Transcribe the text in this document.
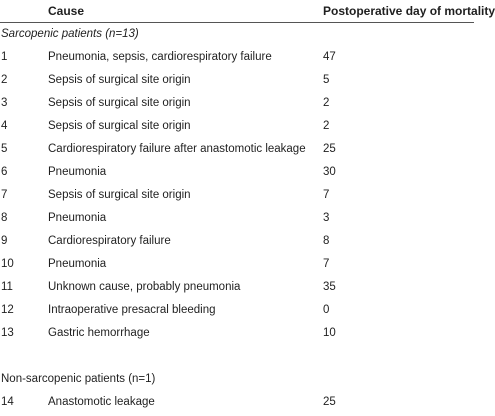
Cause	Postoperative day of mortality
Sarcopenic patients (n=13)
1	Pneumonia, sepsis, cardiorespiratory failure	47
2	Sepsis of surgical site origin	5
3	Sepsis of surgical site origin	2
4	Sepsis of surgical site origin	2
5	Cardiorespiratory failure after anastomotic leakage 25
6	Pneumonia	30
7	Sepsis of surgical site origin	7
8	Pneumonia	3
9	Cardiorespiratory failure	8
10	Pneumonia	7
11	Unknown cause, probably pneumonia	35
12	Intraoperative presacral bleeding	0
13	Gastric hemorrhage	10
Non-sarcopenic patients (n=1)
14	Anastomotic leakage	25
